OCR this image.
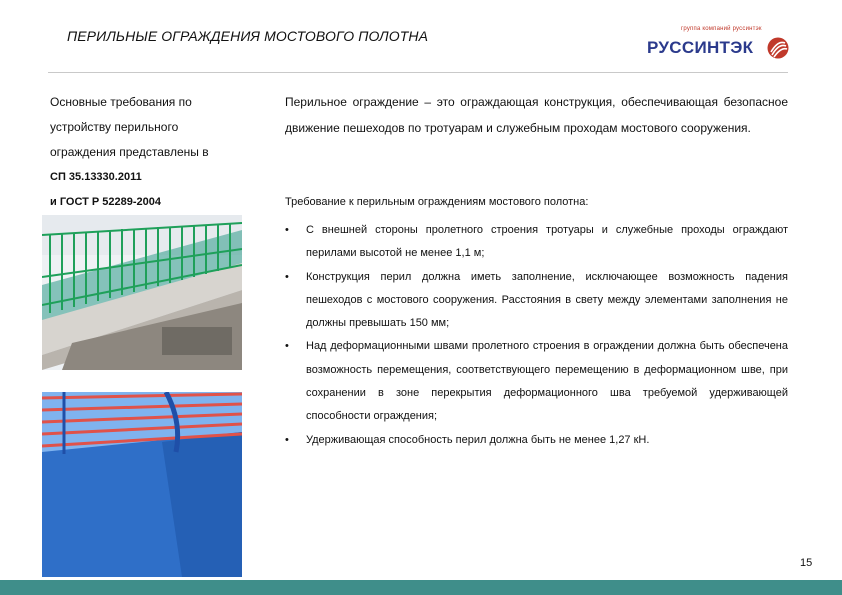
ПЕРИЛЬНЫЕ ОГРАЖДЕНИЯ МОСТОВОГО ПОЛОТНА	группа компаний руссинтэк
РУССИНТЭК
Основные требования по
устройству перильного
ограждения представлены в
СП 35.13330.2011
и ГОСТ Р 52289-2004
Перильное ограждение – это ограждающая конструкция, обеспечивающая безопасное движение пешеходов по тротуарам и служебным проходам мостового сооружения.
Требование к перильным ограждениям мостового полотна:
• С внешней стороны пролетного строения тротуары и служебные проходы ограждают перилами высотой не менее 1,1 м;
• Конструкция перил должна иметь заполнение, исключающее возможность падения пешеходов с мостового сооружения. Расстояния в свету между элементами заполнения не должны превышать 150 мм;
• Над деформационными швами пролетного строения в ограждении должна быть обеспечена возможность перемещения, соответствующего перемещению в деформационном шве, при сохранении в зоне перекрытия деформационного шва требуемой удерживающей способности ограждения;
• Удерживающая способность перил должна быть не менее 1,27 кН.
15
